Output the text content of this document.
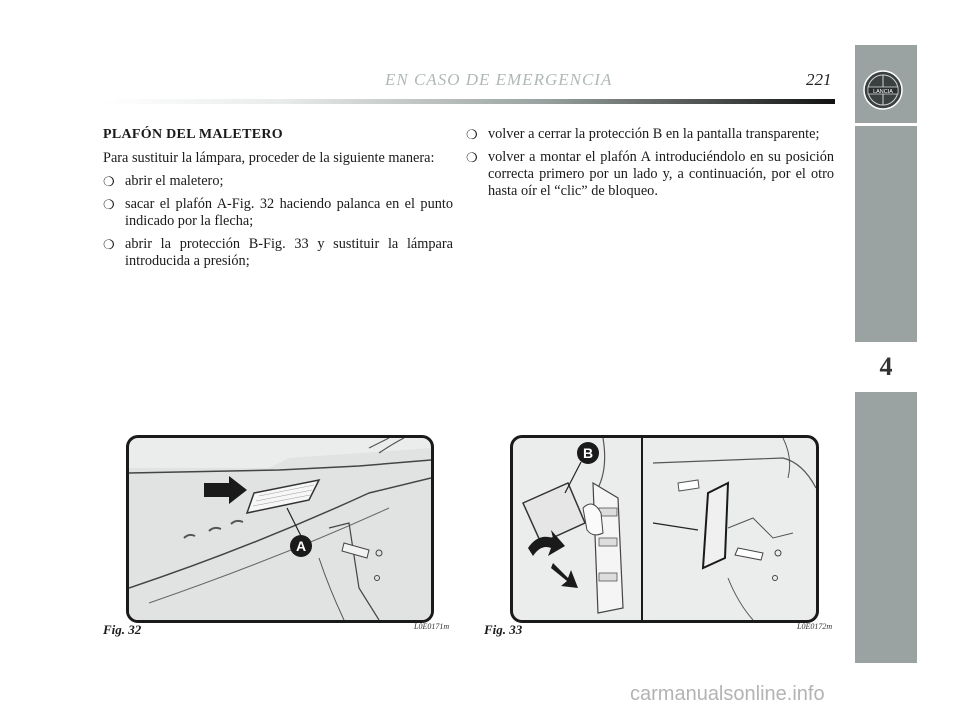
EN CASO DE EMERGENCIA	221
4
LANCIA
PLAFÓN DEL MALETERO

Para sustituir la lámpara, proceder de la siguiente manera:

❍ abrir el maletero;
❍ sacar el plafón A-Fig. 32 haciendo palanca en el punto indicado por la flecha;
❍ abrir la protección B-Fig. 33 y sustituir la lámpara introducida a presión;
❍ volver a cerrar la protección B en la pantalla transparente;
❍ volver a montar el plafón A introduciéndolo en su posición correcta primero por un lado y, a continuación, por el otro hasta oír el “clic” de bloqueo.
A
Fig. 32	L0E0171m
B
Fig. 33	L0E0172m
carmanualsonline.info
